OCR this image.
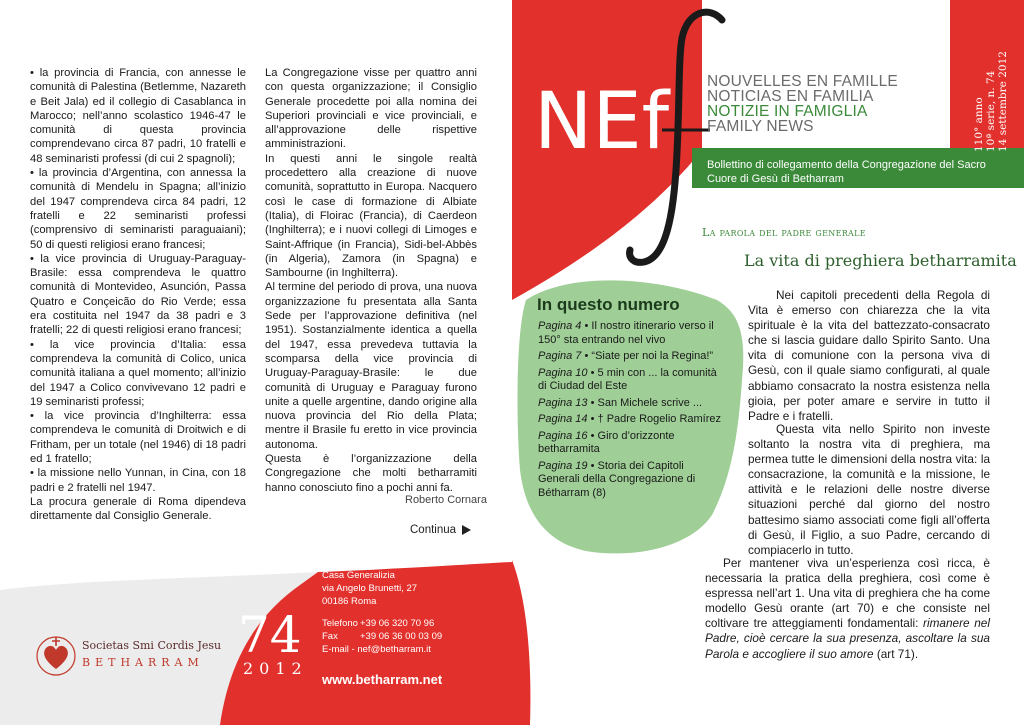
• la provincia di Francia, con annesse le comunità di Palestina (Betlemme, Nazareth e Beit Jala) ed il collegio di Casablanca in Marocco; nell’anno scolastico 1946-47 le comunità di questa provincia comprendevano circa 87 padri, 10 fratelli e 48 seminaristi professi (di cui 2 spagnoli);

• la provincia d’Argentina, con annessa la comunità di Mendelu in Spagna; all’inizio del 1947 comprendeva circa 84 padri, 12 fratelli e 22 seminaristi professi (comprensivo di seminaristi paraguaiani); 50 di questi religiosi erano francesi;

• la vice provincia di Uruguay-Paraguay-Brasile: essa comprendeva le quattro comunità di Montevideo, Asunción, Passa Quatro e Conçeicão do Rio Verde; essa era costituita nel 1947 da 38 padri e 3 fratelli; 22 di questi religiosi erano francesi;

• la vice provincia d’Italia: essa comprendeva la comunità di Colico, unica comunità italiana a quel momento; all’inizio del 1947 a Colico convivevano 12 padri e 19 seminaristi professi;

• la vice provincia d’Inghilterra: essa comprendeva le comunità di Droitwich e di Fritham, per un totale (nel 1946) di 18 padri ed 1 fratello;

• la missione nello Yunnan, in Cina, con 18 padri e 2 fratelli nel 1947.

La procura generale di Roma dipendeva direttamente dal Consiglio Generale.

La Congregazione visse per quattro anni con questa organizzazione; il Consiglio Generale procedette poi alla nomina dei Superiori provinciali e vice provinciali, e all’approvazione delle rispettive amministrazioni.

In questi anni le singole realtà procedettero alla creazione di nuove comunità, soprattutto in Europa. Nacquero così le case di formazione di Albiate (Italia), di Floirac (Francia), di Caerdeon (Inghilterra); e i nuovi collegi di Limoges e Saint-Affrique (in Francia), Sidi-bel-Abbès (in Algeria), Zamora (in Spagna) e Sambourne (in Inghilterra).

Al termine del periodo di prova, una nuova organizzazione fu presentata alla Santa Sede per l’approvazione definitiva (nel 1951). Sostanzialmente identica a quella del 1947, essa prevedeva tuttavia la scomparsa della vice provincia di Uruguay-Paraguay-Brasile: le due comunità di Uruguay e Paraguay furono unite a quelle argentine, dando origine alla nuova provincia del Rio della Plata; mentre il Brasile fu eretto in vice provincia autonoma.

Questa è l’organizzazione della Congregazione che molti betharramiti hanno conosciuto fino a pochi anni fa.

Roberto Cornara
Continua
Casa Generalizia
via Angelo Brunetti, 27
00186 Roma
Telefono +39 06 320 70 96
Fax	+39 06 36 00 03 09
E-mail - nef@betharram.it
www.betharram.net
74
2012
Societas Smi Cordis Jesu
BETHARRAM
NEf NOUVELLES EN FAMILLE
NOTICIAS EN FAMILIA
NOTIZIE IN FAMIGLIA
FAMILY NEWS	110° anno 10ª serie, n. 74 14 settembre 2012
Bollettino di collegamento della Congregazione del Sacro Cuore di Gesù di Betharram
La parola del padre generale
La vita di preghiera betharramita
In questo numero
Pagina 4 • Il nostro itinerario verso il 150° sta entrando nel vivo
Pagina 7 • “Siate per noi la Regina!”
Pagina 10 • 5 min con ... la comunità di Ciudad del Este
Pagina 13 • San Michele scrive ...
Pagina 14 • † Padre Rogelio Ramírez
Pagina 16 • Giro d’orizzonte betharramita
Pagina 19 • Storia dei Capitoli Generali della Congregazione di Bétharram (8)
Nei capitoli precedenti della Regola di Vita è emerso con chiarezza che la vita spirituale è la vita del battezzato-consacrato che si lascia guidare dallo Spirito Santo. Una vita di comunione con la persona viva di Gesù, con il quale siamo configurati, al quale abbiamo consacrato la nostra esistenza nella gioia, per poter amare e servire in tutto il Padre e i fratelli.
Questa vita nello Spirito non investe soltanto la nostra vita di preghiera, ma permea tutte le dimensioni della nostra vita: la consacrazione, la comunità e la missione, le attività e le relazioni delle nostre diverse situazioni perché dal giorno del nostro battesimo siamo associati come figli all’offerta di Gesù, il Figlio, a suo Padre, cercando di compiacerlo in tutto.
Per mantener viva un’esperienza così ricca, è necessaria la pratica della preghiera, così come è espressa nell’art 1. Una vita di preghiera che ha come modello Gesù orante (art 70) e che consiste nel coltivare tre atteggiamenti fondamentali: rimanere nel Padre, cioè cercare la sua presenza, ascoltare la sua Parola e accogliere il suo amore (art 71).
